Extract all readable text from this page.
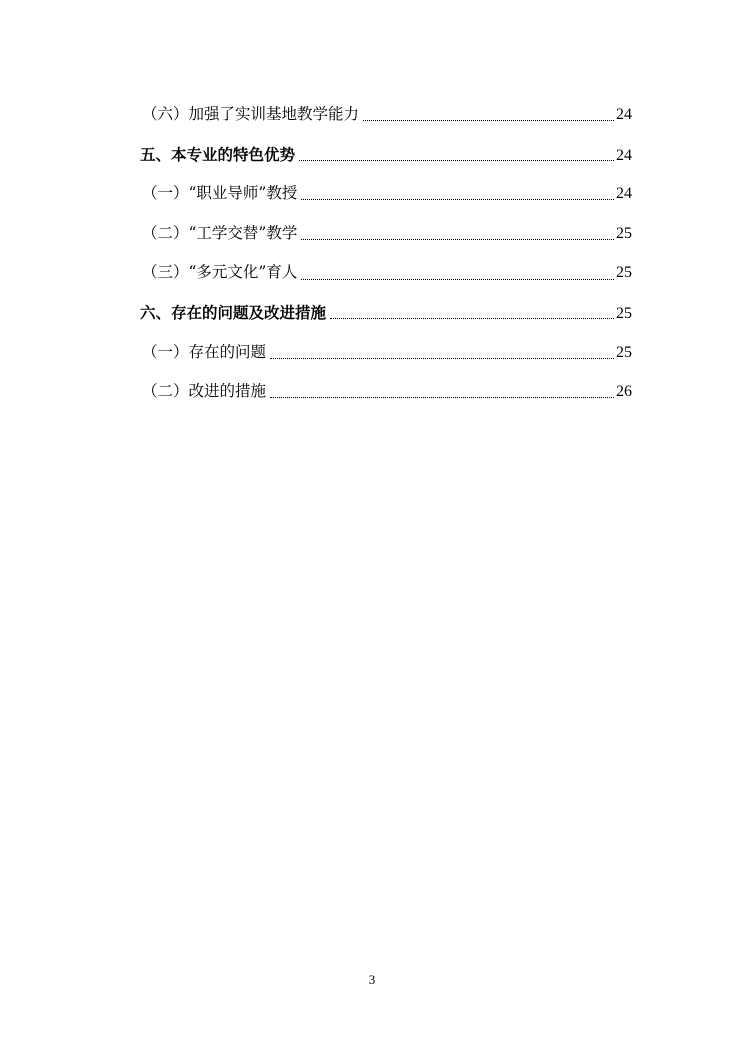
（六）加强了实训基地教学能力	24
五、本专业的特色优势	24
（一）“职业导师”教授	24
（二）“工学交替”教学	25
（三）“多元文化”育人	25
六、存在的问题及改进措施	25
（一）存在的问题	25
（二）改进的措施	26
3
